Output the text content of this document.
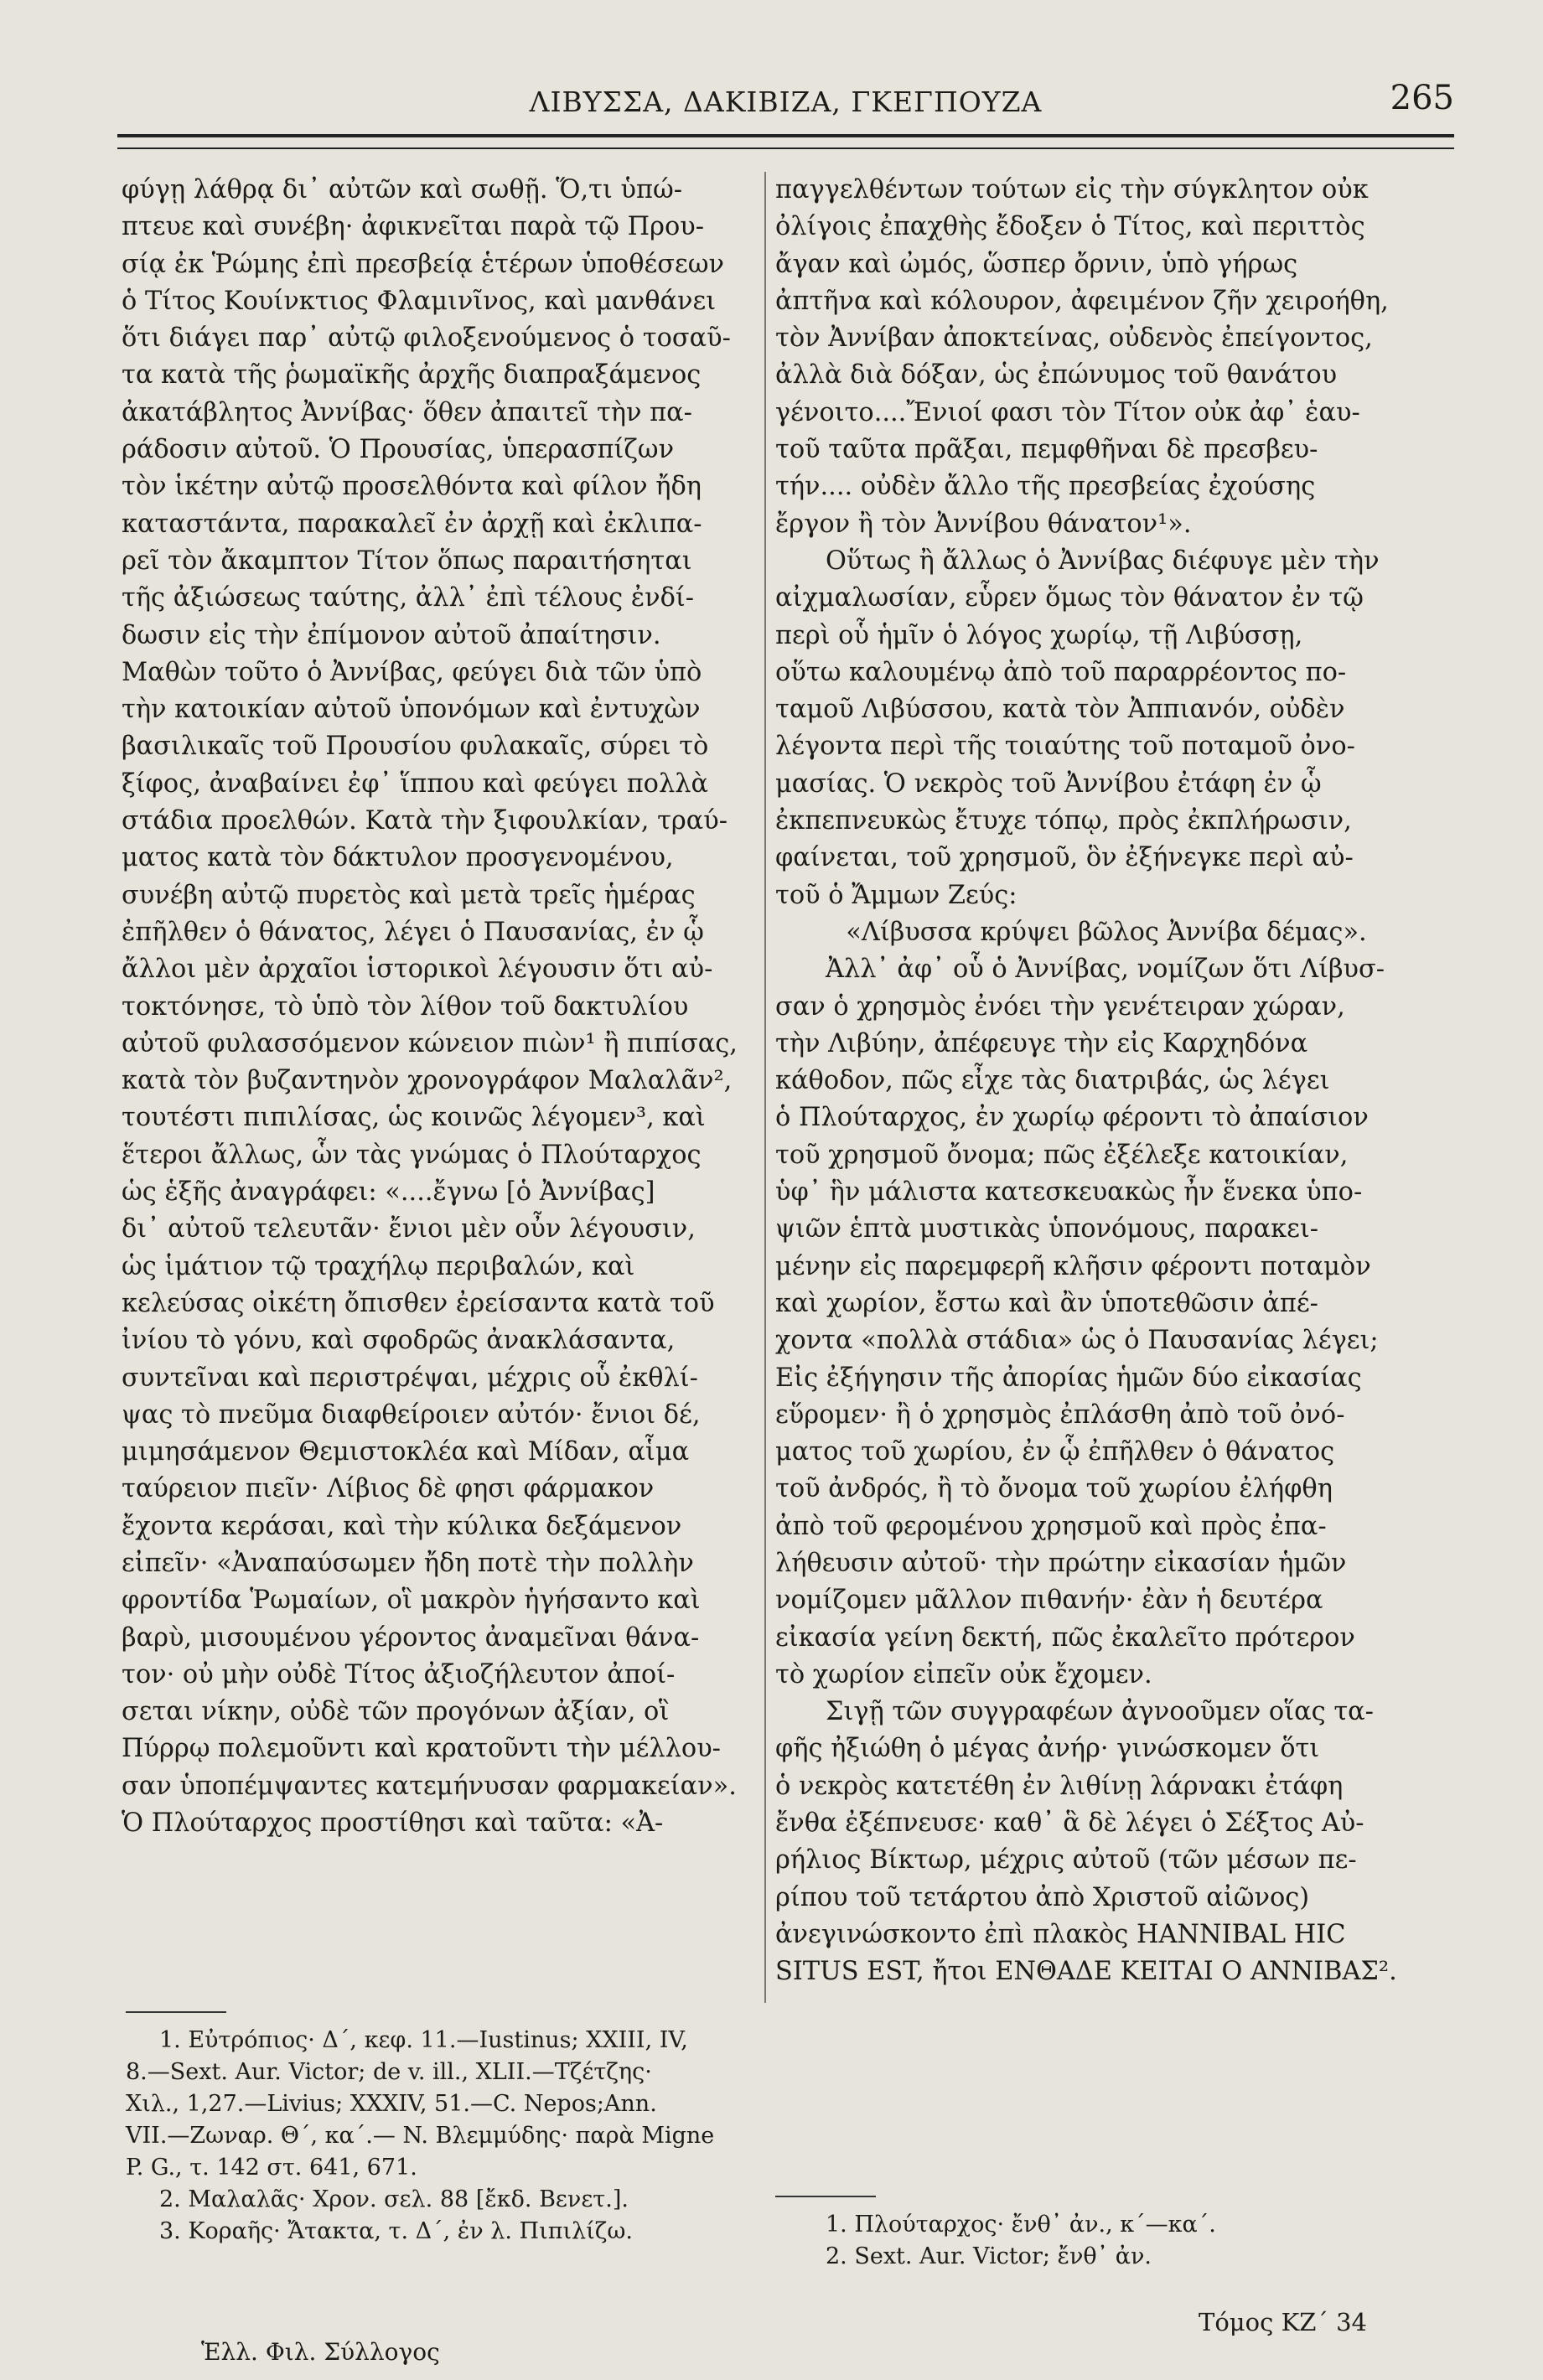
ΛΙΒΥΣΣΑ, ΔΑΚΙΒΙΖΑ, ΓΚΕΓΠΟΥΖΑ	265
φύγῃ λάθρᾳ δι᾽ αὐτῶν καὶ σωθῇ. Ὅ,τι ὑπώ-
πτευε καὶ συνέβη· ἀφικνεῖται παρὰ τῷ Πρου-
σίᾳ ἐκ Ῥώμης ἐπὶ πρεσβείᾳ ἑτέρων ὑποθέσεων
ὁ Τίτος Κουίνκτιος Φλαμινῖνος, καὶ μανθάνει
ὅτι διάγει παρ᾽ αὐτῷ φιλοξενούμενος ὁ τοσαῦ-
τα κατὰ τῆς ῥωμαϊκῆς ἀρχῆς διαπραξάμενος
ἀκατάβλητος Ἀννίβας· ὅθεν ἀπαιτεῖ τὴν πα-
ράδοσιν αὐτοῦ. Ὁ Προυσίας, ὑπερασπίζων
τὸν ἱκέτην αὐτῷ προσελθόντα καὶ φίλον ἤδη
καταστάντα, παρακαλεῖ ἐν ἀρχῇ καὶ ἐκλιπα-
ρεῖ τὸν ἄκαμπτον Τίτον ὅπως παραιτήσηται
τῆς ἀξιώσεως ταύτης, ἀλλ᾽ ἐπὶ τέλους ἐνδί-
δωσιν εἰς τὴν ἐπίμονον αὐτοῦ ἀπαίτησιν.
Μαθὼν τοῦτο ὁ Ἀννίβας, φεύγει διὰ τῶν ὑπὸ
τὴν κατοικίαν αὐτοῦ ὑπονόμων καὶ ἐντυχὼν
βασιλικαῖς τοῦ Προυσίου φυλακαῖς, σύρει τὸ
ξίφος, ἀναβαίνει ἐφ᾽ ἵππου καὶ φεύγει πολλὰ
στάδια προελθών. Κατὰ τὴν ξιφουλκίαν, τραύ-
ματος κατὰ τὸν δάκτυλον προσγενομένου,
συνέβη αὐτῷ πυρετὸς καὶ μετὰ τρεῖς ἡμέρας
ἐπῆλθεν ὁ θάνατος, λέγει ὁ Παυσανίας, ἐν ᾧ
ἄλλοι μὲν ἀρχαῖοι ἱστορικοὶ λέγουσιν ὅτι αὐ-
τοκτόνησε, τὸ ὑπὸ τὸν λίθον τοῦ δακτυλίου
αὐτοῦ φυλασσόμενον κώνειον πιὼν¹ ἢ πιπίσας,
κατὰ τὸν βυζαντηνὸν χρονογράφον Μαλαλᾶν²,
τουτέστι πιπιλίσας, ὡς κοινῶς λέγομεν³, καὶ
ἕτεροι ἄλλως, ὧν τὰς γνώμας ὁ Πλούταρχος
ὡς ἑξῆς ἀναγράφει: «....ἔγνω [ὁ Ἀννίβας]
δι᾽ αὐτοῦ τελευτᾶν· ἔνιοι μὲν οὖν λέγουσιν,
ὡς ἱμάτιον τῷ τραχήλῳ περιβαλών, καὶ
κελεύσας οἰκέτη ὄπισθεν ἐρείσαντα κατὰ τοῦ
ἰνίου τὸ γόνυ, καὶ σφοδρῶς ἀνακλάσαντα,
συντεῖναι καὶ περιστρέψαι, μέχρις οὗ ἐκθλί-
ψας τὸ πνεῦμα διαφθείροιεν αὐτόν· ἔνιοι δέ,
μιμησάμενον Θεμιστοκλέα καὶ Μίδαν, αἷμα
ταύρειον πιεῖν· Λίβιος δὲ φησι φάρμακον
ἔχοντα κεράσαι, καὶ τὴν κύλικα δεξάμενον
εἰπεῖν· «Ἀναπαύσωμεν ἤδη ποτὲ τὴν πολλὴν
φροντίδα Ῥωμαίων, οἳ μακρὸν ἡγήσαντο καὶ
βαρὺ, μισουμένου γέροντος ἀναμεῖναι θάνα-
τον· οὐ μὴν οὐδὲ Τίτος ἀξιοζήλευτον ἀποί-
σεται νίκην, οὐδὲ τῶν προγόνων ἀξίαν, οἳ
Πύρρῳ πολεμοῦντι καὶ κρατοῦντι τὴν μέλλου-
σαν ὑποπέμψαντες κατεμήνυσαν φαρμακείαν».
Ὁ Πλούταρχος προστίθησι καὶ ταῦτα: «Ἀ-
παγγελθέντων τούτων εἰς τὴν σύγκλητον οὐκ
ὀλίγοις ἐπαχθὴς ἔδοξεν ὁ Τίτος, καὶ περιττὸς
ἄγαν καὶ ὠμός, ὥσπερ ὄρνιν, ὑπὸ γήρως
ἀπτῆνα καὶ κόλουρον, ἀφειμένον ζῆν χειροήθη,
τὸν Ἀννίβαν ἀποκτείνας, οὐδενὸς ἐπείγοντος,
ἀλλὰ διὰ δόξαν, ὡς ἐπώνυμος τοῦ θανάτου
γένοιτο....Ἔνιοί φασι τὸν Τίτον οὐκ ἀφ᾽ ἑαυ-
τοῦ ταῦτα πρᾶξαι, πεμφθῆναι δὲ πρεσβευ-
τήν.... οὐδὲν ἄλλο τῆς πρεσβείας ἐχούσης
ἔργον ἢ τὸν Ἀννίβου θάνατον¹».
Οὕτως ἢ ἄλλως ὁ Ἀννίβας διέφυγε μὲν τὴν
αἰχμαλωσίαν, εὗρεν ὅμως τὸν θάνατον ἐν τῷ
περὶ οὗ ἡμῖν ὁ λόγος χωρίῳ, τῇ Λιβύσσῃ,
οὕτω καλουμένῳ ἀπὸ τοῦ παραρρέοντος πο-
ταμοῦ Λιβύσσου, κατὰ τὸν Ἀππιανόν, οὐδὲν
λέγοντα περὶ τῆς τοιαύτης τοῦ ποταμοῦ ὀνο-
μασίας. Ὁ νεκρὸς τοῦ Ἀννίβου ἐτάφη ἐν ᾧ
ἐκπεπνευκὼς ἔτυχε τόπῳ, πρὸς ἐκπλήρωσιν,
φαίνεται, τοῦ χρησμοῦ, ὃν ἐξήνεγκε περὶ αὐ-
τοῦ ὁ Ἄμμων Ζεύς:
«Λίβυσσα κρύψει βῶλος Ἀννίβα δέμας».
Ἀλλ᾽ ἀφ᾽ οὗ ὁ Ἀννίβας, νομίζων ὅτι Λίβυσ-
σαν ὁ χρησμὸς ἐνόει τὴν γενέτειραν χώραν,
τὴν Λιβύην, ἀπέφευγε τὴν εἰς Καρχηδόνα
κάθοδον, πῶς εἶχε τὰς διατριβάς, ὡς λέγει
ὁ Πλούταρχος, ἐν χωρίῳ φέροντι τὸ ἀπαίσιον
τοῦ χρησμοῦ ὄνομα; πῶς ἐξέλεξε κατοικίαν,
ὑφ᾽ ἣν μάλιστα κατεσκευακὼς ἦν ἕνεκα ὑπο-
ψιῶν ἑπτὰ μυστικὰς ὑπονόμους, παρακει-
μένην εἰς παρεμφερῆ κλῆσιν φέροντι ποταμὸν
καὶ χωρίον, ἔστω καὶ ἂν ὑποτεθῶσιν ἀπέ-
χοντα «πολλὰ στάδια» ὡς ὁ Παυσανίας λέγει;
Εἰς ἐξήγησιν τῆς ἀπορίας ἡμῶν δύο εἰκασίας
εὕρομεν· ἢ ὁ χρησμὸς ἐπλάσθη ἀπὸ τοῦ ὀνό-
ματος τοῦ χωρίου, ἐν ᾧ ἐπῆλθεν ὁ θάνατος
τοῦ ἀνδρός, ἢ τὸ ὄνομα τοῦ χωρίου ἐλήφθη
ἀπὸ τοῦ φερομένου χρησμοῦ καὶ πρὸς ἐπα-
λήθευσιν αὐτοῦ· τὴν πρώτην εἰκασίαν ἡμῶν
νομίζομεν μᾶλλον πιθανήν· ἐὰν ἡ δευτέρα
εἰκασία γείνη δεκτή, πῶς ἐκαλεῖτο πρότερον
τὸ χωρίον εἰπεῖν οὐκ ἔχομεν.
Σιγῇ τῶν συγγραφέων ἀγνοοῦμεν οἵας τα-
φῆς ἠξιώθη ὁ μέγας ἀνήρ· γινώσκομεν ὅτι
ὁ νεκρὸς κατετέθη ἐν λιθίνῃ λάρνακι ἐτάφη
ἔνθα ἐξέπνευσε· καθ᾽ ἃ δὲ λέγει ὁ Σέξτος Αὐ-
ρήλιος Βίκτωρ, μέχρις αὐτοῦ (τῶν μέσων πε-
ρίπου τοῦ τετάρτου ἀπὸ Χριστοῦ αἰῶνος)
ἀνεγινώσκοντο ἐπὶ πλακὸς HANNIBAL HIC
SITUS EST, ἤτοι ΕΝΘΑΔΕ ΚΕΙΤΑΙ Ο ΑΝΝΙΒΑΣ².
1. Εὐτρόπιος· Δ΄, κεφ. 11.—Iustinus; XXIII, IV,
8.—Sext. Aur. Victor; de v. ill., XLII.—Τζέτζης·
Χιλ., 1,27.—Livius; XXXIV, 51.—C. Nepos;Ann.
VII.—Ζωναρ. Θ΄, κα΄.— N. Βλεμμύδης· παρὰ Migne
P. G., τ. 142 στ. 641, 671.
2. Μαλαλᾶς· Χρον. σελ. 88 [ἔκδ. Βενετ.].
3. Κοραῆς· Ἄτακτα, τ. Δ΄, ἐν λ. Πιπιλίζω.	1. Πλούταρχος· ἔνθ᾽ ἀν., κ΄—κα΄.
2. Sext. Aur. Victor; ἔνθ᾽ ἀν.
Ἑλλ. Φιλ. Σύλλογος
Τόμος ΚΖ΄ 34
